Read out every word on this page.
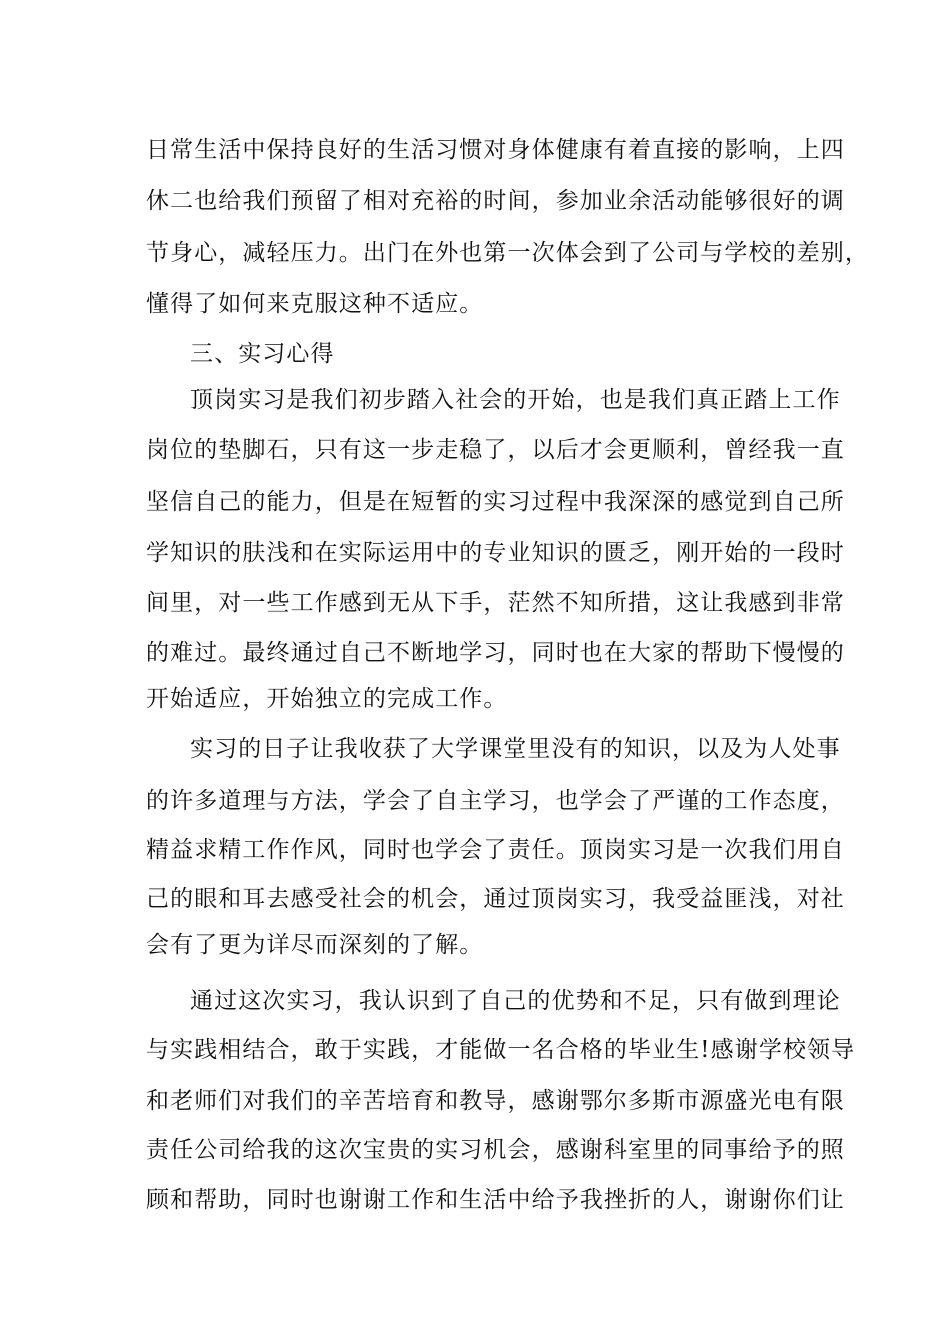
日常生活中保持良好的生活习惯对身体健康有着直接的影响，上四
休二也给我们预留了相对充裕的时间，参加业余活动能够很好的调
节身心，减轻压力。出门在外也第一次体会到了公司与学校的差别，
懂得了如何来克服这种不适应。
三、实习心得
顶岗实习是我们初步踏入社会的开始，也是我们真正踏上工作
岗位的垫脚石，只有这一步走稳了，以后才会更顺利，曾经我一直
坚信自己的能力，但是在短暂的实习过程中我深深的感觉到自己所
学知识的肤浅和在实际运用中的专业知识的匮乏，刚开始的一段时
间里，对一些工作感到无从下手，茫然不知所措，这让我感到非常
的难过。最终通过自己不断地学习，同时也在大家的帮助下慢慢的
开始适应，开始独立的完成工作。
实习的日子让我收获了大学课堂里没有的知识，以及为人处事
的许多道理与方法，学会了自主学习，也学会了严谨的工作态度，
精益求精工作作风，同时也学会了责任。顶岗实习是一次我们用自
己的眼和耳去感受社会的机会，通过顶岗实习，我受益匪浅，对社
会有了更为详尽而深刻的了解。
通过这次实习，我认识到了自己的优势和不足，只有做到理论
与实践相结合，敢于实践，才能做一名合格的毕业生!感谢学校领导
和老师们对我们的辛苦培育和教导，感谢鄂尔多斯市源盛光电有限
责任公司给我的这次宝贵的实习机会，感谢科室里的同事给予的照
顾和帮助，同时也谢谢工作和生活中给予我挫折的人，谢谢你们让
